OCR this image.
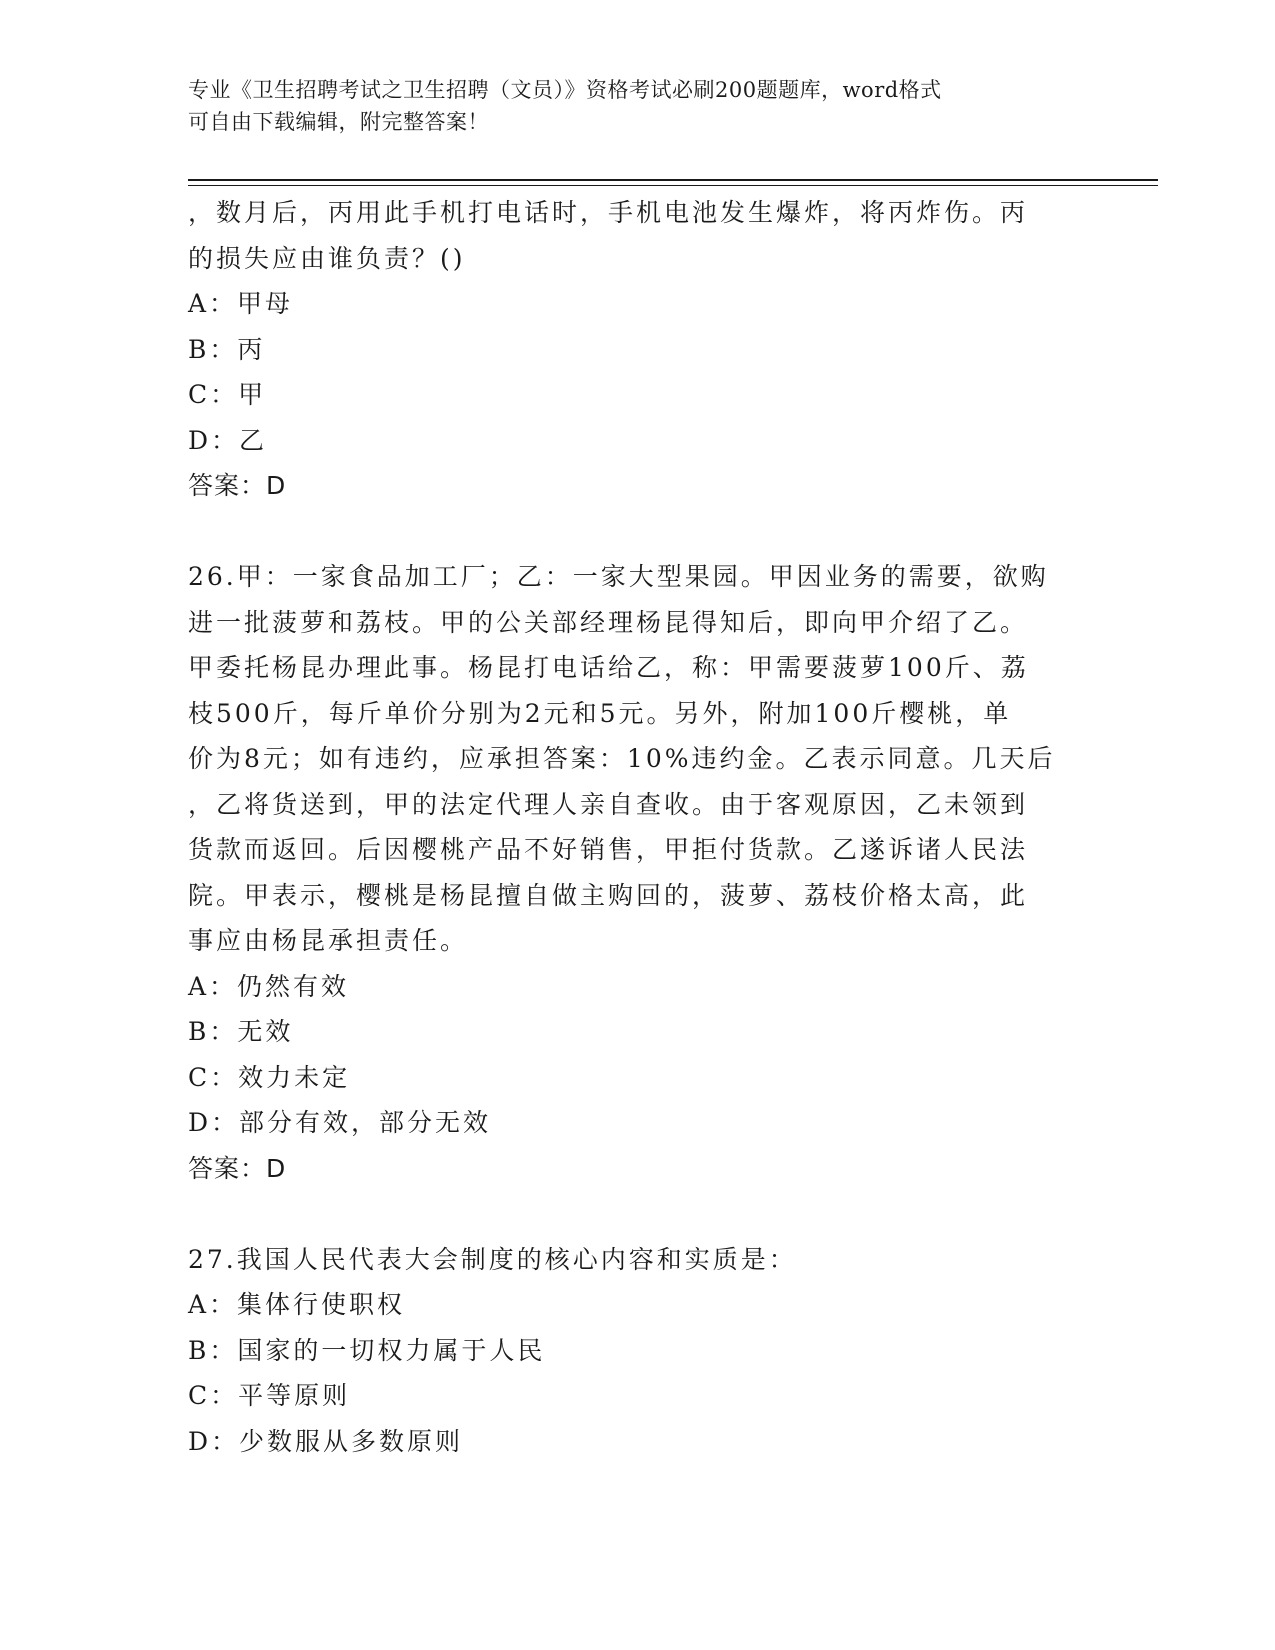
专业《卫生招聘考试之卫生招聘（文员）》资格考试必刷200题题库，word格式
可自由下载编辑，附完整答案！
，数月后，丙用此手机打电话时，手机电池发生爆炸，将丙炸伤。丙
的损失应由谁负责？()
A：甲母
B：丙
C：甲
D：乙
答案：D
26.甲：一家食品加工厂；乙：一家大型果园。甲因业务的需要，欲购
进一批菠萝和荔枝。甲的公关部经理杨昆得知后，即向甲介绍了乙。
甲委托杨昆办理此事。杨昆打电话给乙，称：甲需要菠萝100斤、荔
枝500斤，每斤单价分别为2元和5元。另外，附加100斤樱桃，单
价为8元；如有违约，应承担答案：10%违约金。乙表示同意。几天后
，乙将货送到，甲的法定代理人亲自查收。由于客观原因，乙未领到
货款而返回。后因樱桃产品不好销售，甲拒付货款。乙遂诉诸人民法
院。甲表示，樱桃是杨昆擅自做主购回的，菠萝、荔枝价格太高，此
事应由杨昆承担责任。
A：仍然有效
B：无效
C：效力未定
D：部分有效，部分无效
答案：D
27.我国人民代表大会制度的核心内容和实质是：
A：集体行使职权
B：国家的一切权力属于人民
C：平等原则
D：少数服从多数原则
